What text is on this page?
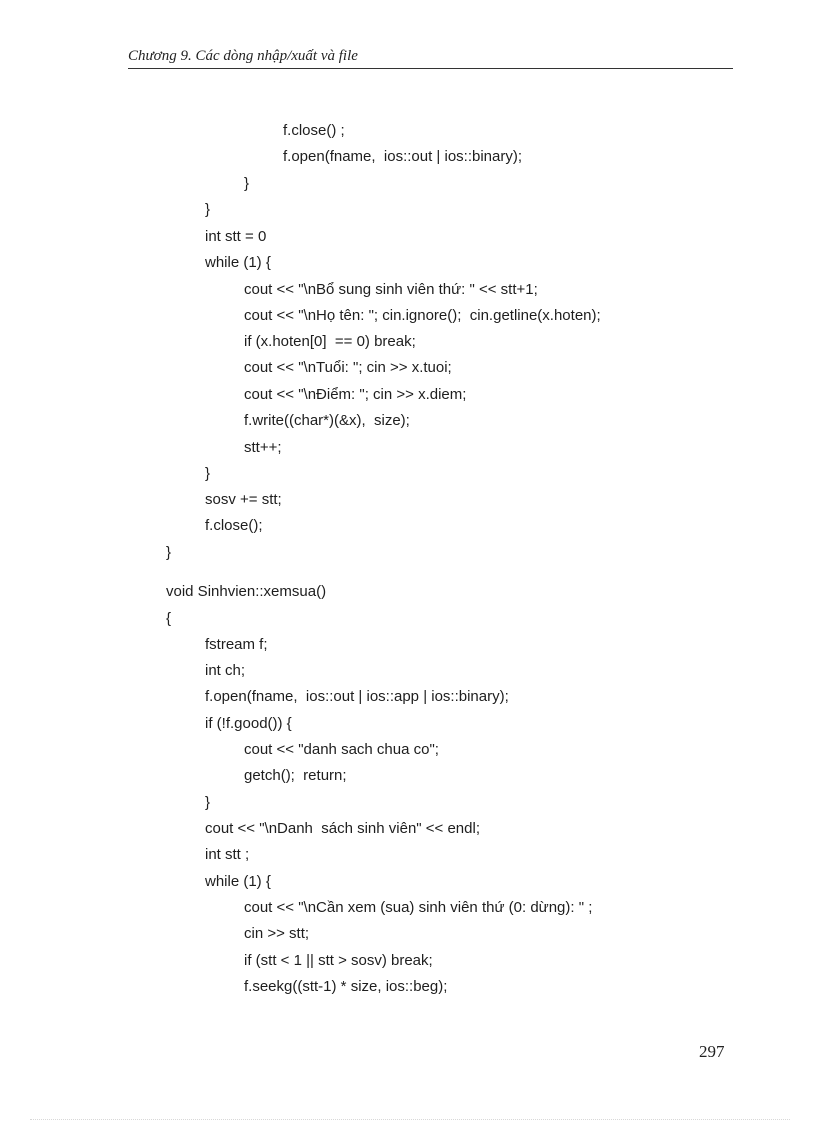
Chương 9. Các dòng nhập/xuất và file
f.close() ;
f.open(fname,  ios::out | ios::binary);
}
}
int stt = 0
while (1) {
cout << "\nBổ sung sinh viên thứ: " << stt+1;
cout << "\nHọ tên: "; cin.ignore();  cin.getline(x.hoten);
if (x.hoten[0]  == 0) break;
cout << "\nTuổi: "; cin >> x.tuoi;
cout << "\nĐiểm: "; cin >> x.diem;
f.write((char*)(&x),  size);
stt++;
}
sosv += stt;
f.close();
}
void Sinhvien::xemsua()
{
fstream f;
int ch;
f.open(fname,  ios::out | ios::app | ios::binary);
if (!f.good()) {
cout << "danh sach chua co";
getch();  return;
}
cout << "\nDanh  sách sinh viên" << endl;
int stt ;
while (1) {
cout << "\nCần xem (sua) sinh viên thứ (0: dừng): " ;
cin >> stt;
if (stt < 1 || stt > sosv) break;
f.seekg((stt-1) * size, ios::beg);
297
